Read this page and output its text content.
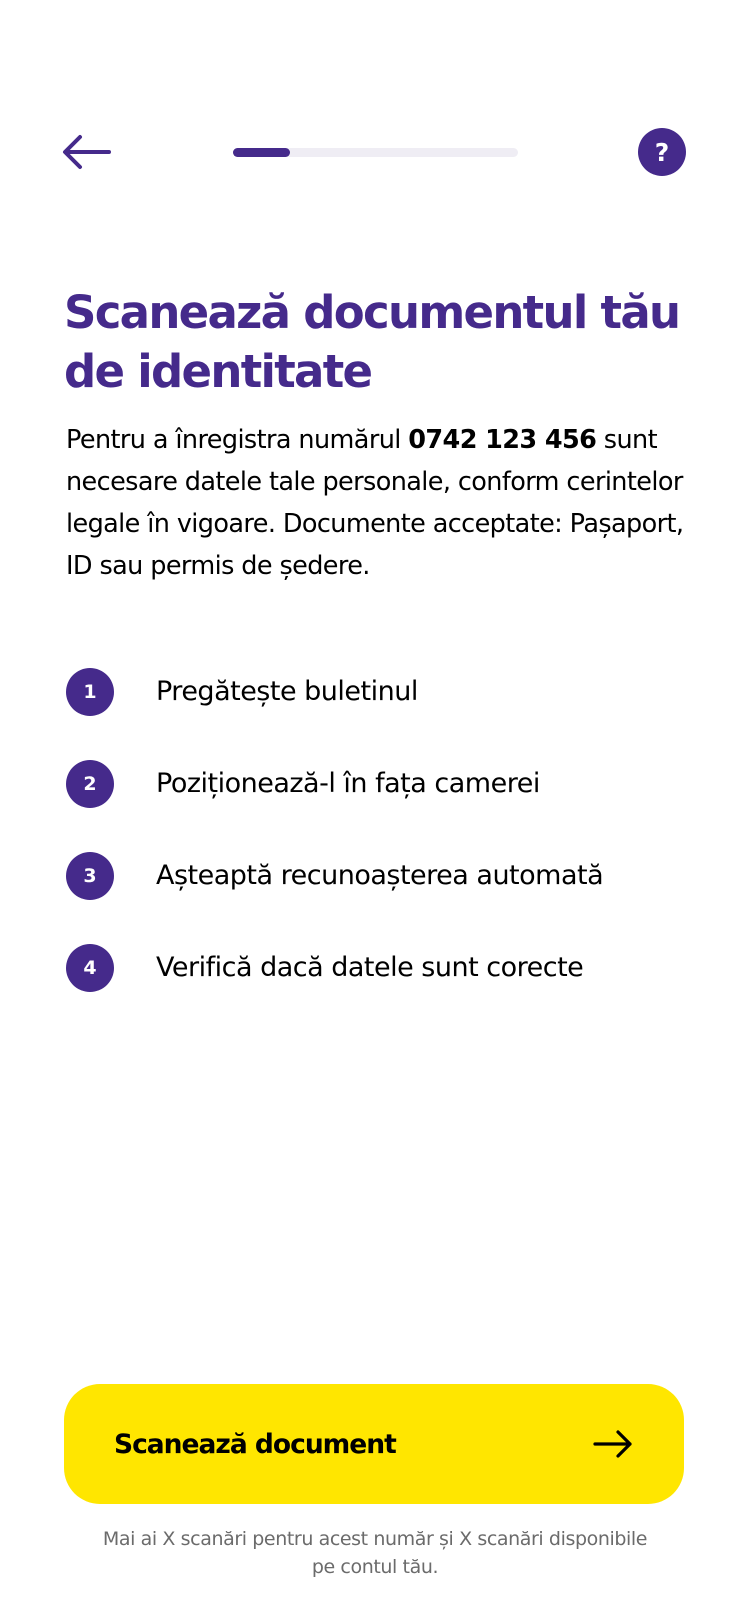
?
Scanează documentul tău de identitate

Pentru a înregistra numărul 0742 123 456 sunt necesare datele tale personale, conform cerintelor legale în vigoare. Documente acceptate: Pașaport, ID sau permis de ședere.

1	Pregătește buletinul
2	Poziționează-l în fața camerei
3	Așteaptă recunoașterea automată
4	Verifică dacă datele sunt corecte
Scanează document

Mai ai X scanări pentru acest număr și X scanări disponibile pe contul tău.
